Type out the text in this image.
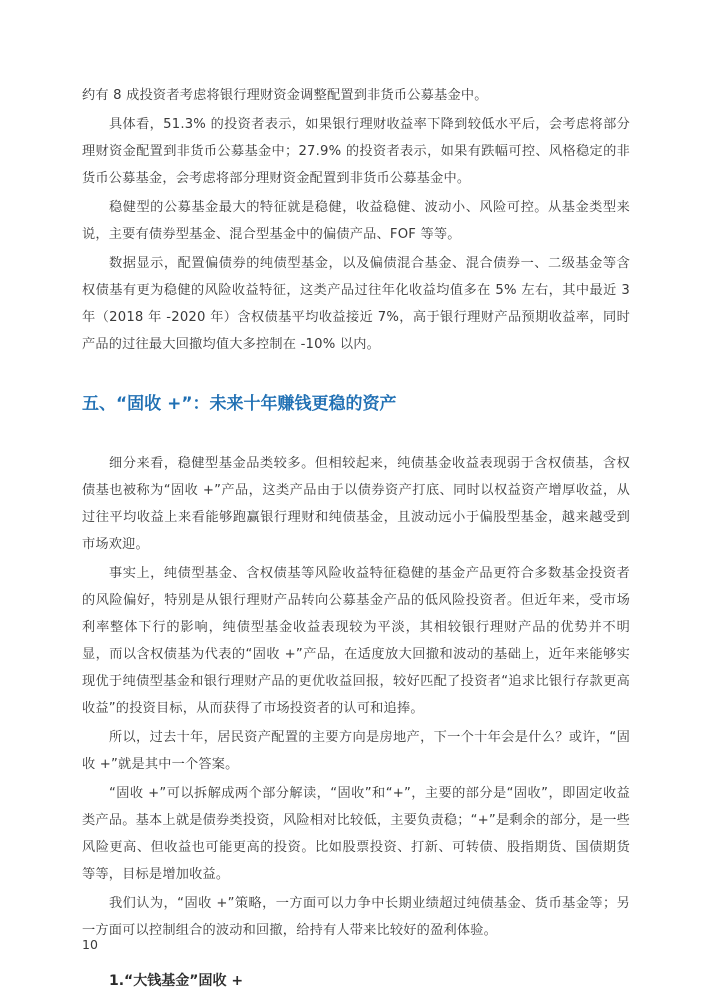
约有 8 成投资者考虑将银行理财资金调整配置到非货币公募基金中。

具体看，51.3% 的投资者表示，如果银行理财收益率下降到较低水平后，会考虑将部分理财资金配置到非货币公募基金中；27.9% 的投资者表示，如果有跌幅可控、风格稳定的非货币公募基金，会考虑将部分理财资金配置到非货币公募基金中。

稳健型的公募基金最大的特征就是稳健，收益稳健、波动小、风险可控。从基金类型来说，主要有债券型基金、混合型基金中的偏债产品、FOF 等等。

数据显示，配置偏债券的纯债型基金，以及偏债混合基金、混合债券一、二级基金等含权债基有更为稳健的风险收益特征，这类产品过往年化收益均值多在 5% 左右，其中最近 3 年（2018 年 -2020 年）含权债基平均收益接近 7%，高于银行理财产品预期收益率，同时产品的过往最大回撤均值大多控制在 -10% 以内。

五、“固收 +”：未来十年赚钱更稳的资产

细分来看，稳健型基金品类较多。但相较起来，纯债基金收益表现弱于含权债基，含权债基也被称为“固收 +”产品，这类产品由于以债券资产打底、同时以权益资产增厚收益，从过往平均收益上来看能够跑赢银行理财和纯债基金，且波动远小于偏股型基金，越来越受到市场欢迎。

事实上，纯债型基金、含权债基等风险收益特征稳健的基金产品更符合多数基金投资者的风险偏好，特别是从银行理财产品转向公募基金产品的低风险投资者。但近年来，受市场利率整体下行的影响，纯债型基金收益表现较为平淡，其相较银行理财产品的优势并不明显，而以含权债基为代表的“固收 +”产品，在适度放大回撤和波动的基础上，近年来能够实现优于纯债型基金和银行理财产品的更优收益回报，较好匹配了投资者“追求比银行存款更高收益”的投资目标，从而获得了市场投资者的认可和追捧。

所以，过去十年，居民资产配置的主要方向是房地产，下一个十年会是什么？或许，“固收 +”就是其中一个答案。

“固收 +”可以拆解成两个部分解读，“固收”和“+”，主要的部分是“固收”，即固定收益类产品。基本上就是债券类投资，风险相对比较低，主要负责稳；“+”是剩余的部分，是一些风险更高、但收益也可能更高的投资。比如股票投资、打新、可转债、股指期货、国债期货等等，目标是增加收益。

我们认为，“固收 +”策略，一方面可以力争中长期业绩超过纯债基金、货币基金等；另一方面可以控制组合的波动和回撤，给持有人带来比较好的盈利体验。

1.“大钱基金”固收 +
10
